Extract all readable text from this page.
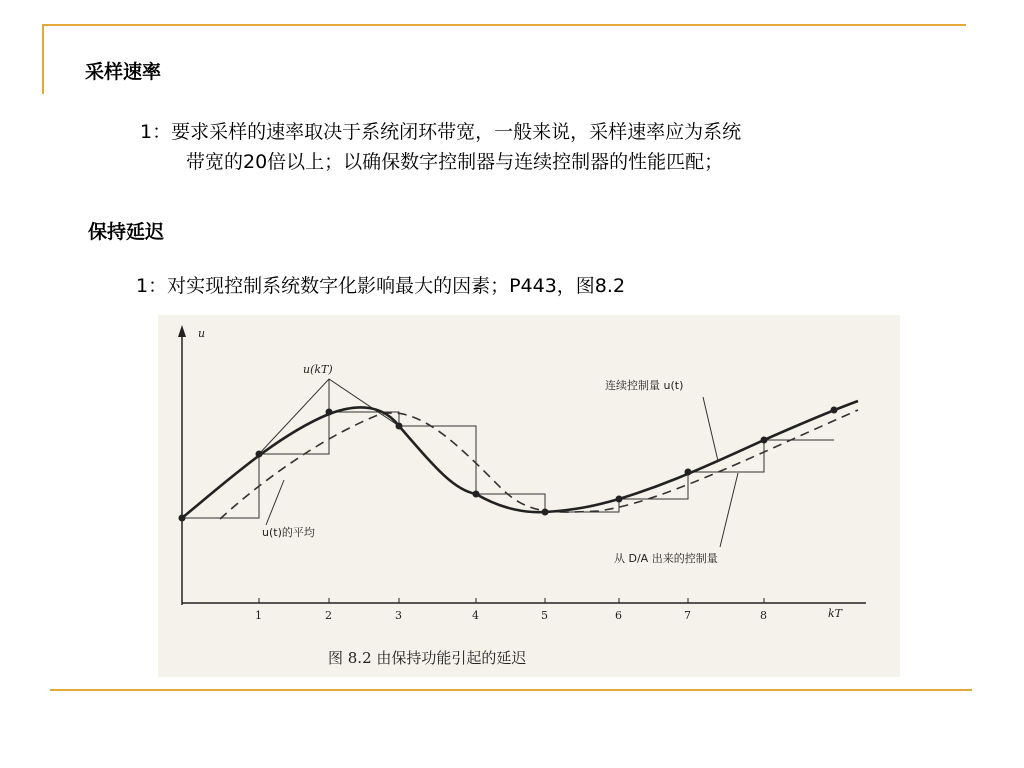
采样速率
1：要求采样的速率取决于系统闭环带宽，一般来说，采样速率应为系统
带宽的20倍以上；以确保数字控制器与连续控制器的性能匹配；
保持延迟
1：对实现控制系统数字化影响最大的因素；P443，图8.2
u
kT
1	2	3	4	5	6	7	8
u(kT)
连续控制量 u(t)
u(t)的平均
从 D/A 出来的控制量
图 8.2 由保持功能引起的延迟
